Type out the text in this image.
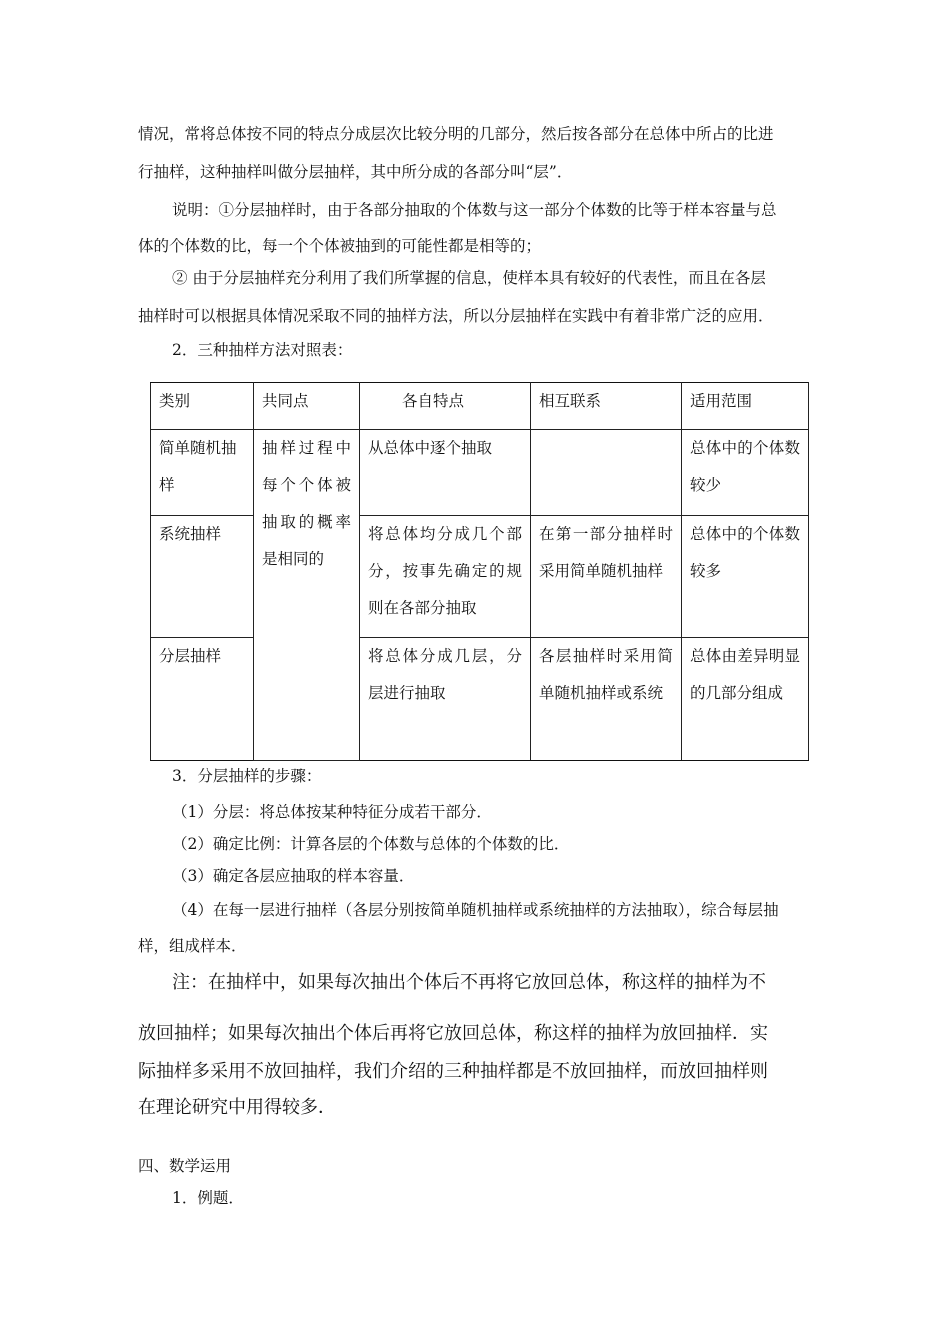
情况，常将总体按不同的特点分成层次比较分明的几部分，然后按各部分在总体中所占的比进
行抽样，这种抽样叫做分层抽样，其中所分成的各部分叫“层”．
说明：①分层抽样时，由于各部分抽取的个体数与这一部分个体数的比等于样本容量与总
体的个体数的比，每一个个体被抽到的可能性都是相等的；
② 由于分层抽样充分利用了我们所掌握的信息，使样本具有较好的代表性，而且在各层
抽样时可以根据具体情况采取不同的抽样方法，所以分层抽样在实践中有着非常广泛的应用．
2．三种抽样方法对照表：
类别	共同点	各自特点	相互联系	适用范围

简单随机抽样	抽样过程中每个个体被抽取的概率是相同的	从总体中逐个抽取		总体中的个体数较少

系统抽样		将总体均分成几个部分，按事先确定的规则在各部分抽取	在第一部分抽样时采用简单随机抽样	总体中的个体数较多

分层抽样		将总体分成几层，分层进行抽取	各层抽样时采用简单随机抽样或系统	总体由差异明显的几部分组成
3．分层抽样的步骤：
（1）分层：将总体按某种特征分成若干部分．
（2）确定比例：计算各层的个体数与总体的个体数的比．
（3）确定各层应抽取的样本容量．
（4）在每一层进行抽样（各层分别按简单随机抽样或系统抽样的方法抽取），综合每层抽
样，组成样本．
注：在抽样中，如果每次抽出个体后不再将它放回总体，称这样的抽样为不
放回抽样；如果每次抽出个体后再将它放回总体，称这样的抽样为放回抽样．实
际抽样多采用不放回抽样，我们介绍的三种抽样都是不放回抽样，而放回抽样则
在理论研究中用得较多．
四、数学运用
1．例题．
